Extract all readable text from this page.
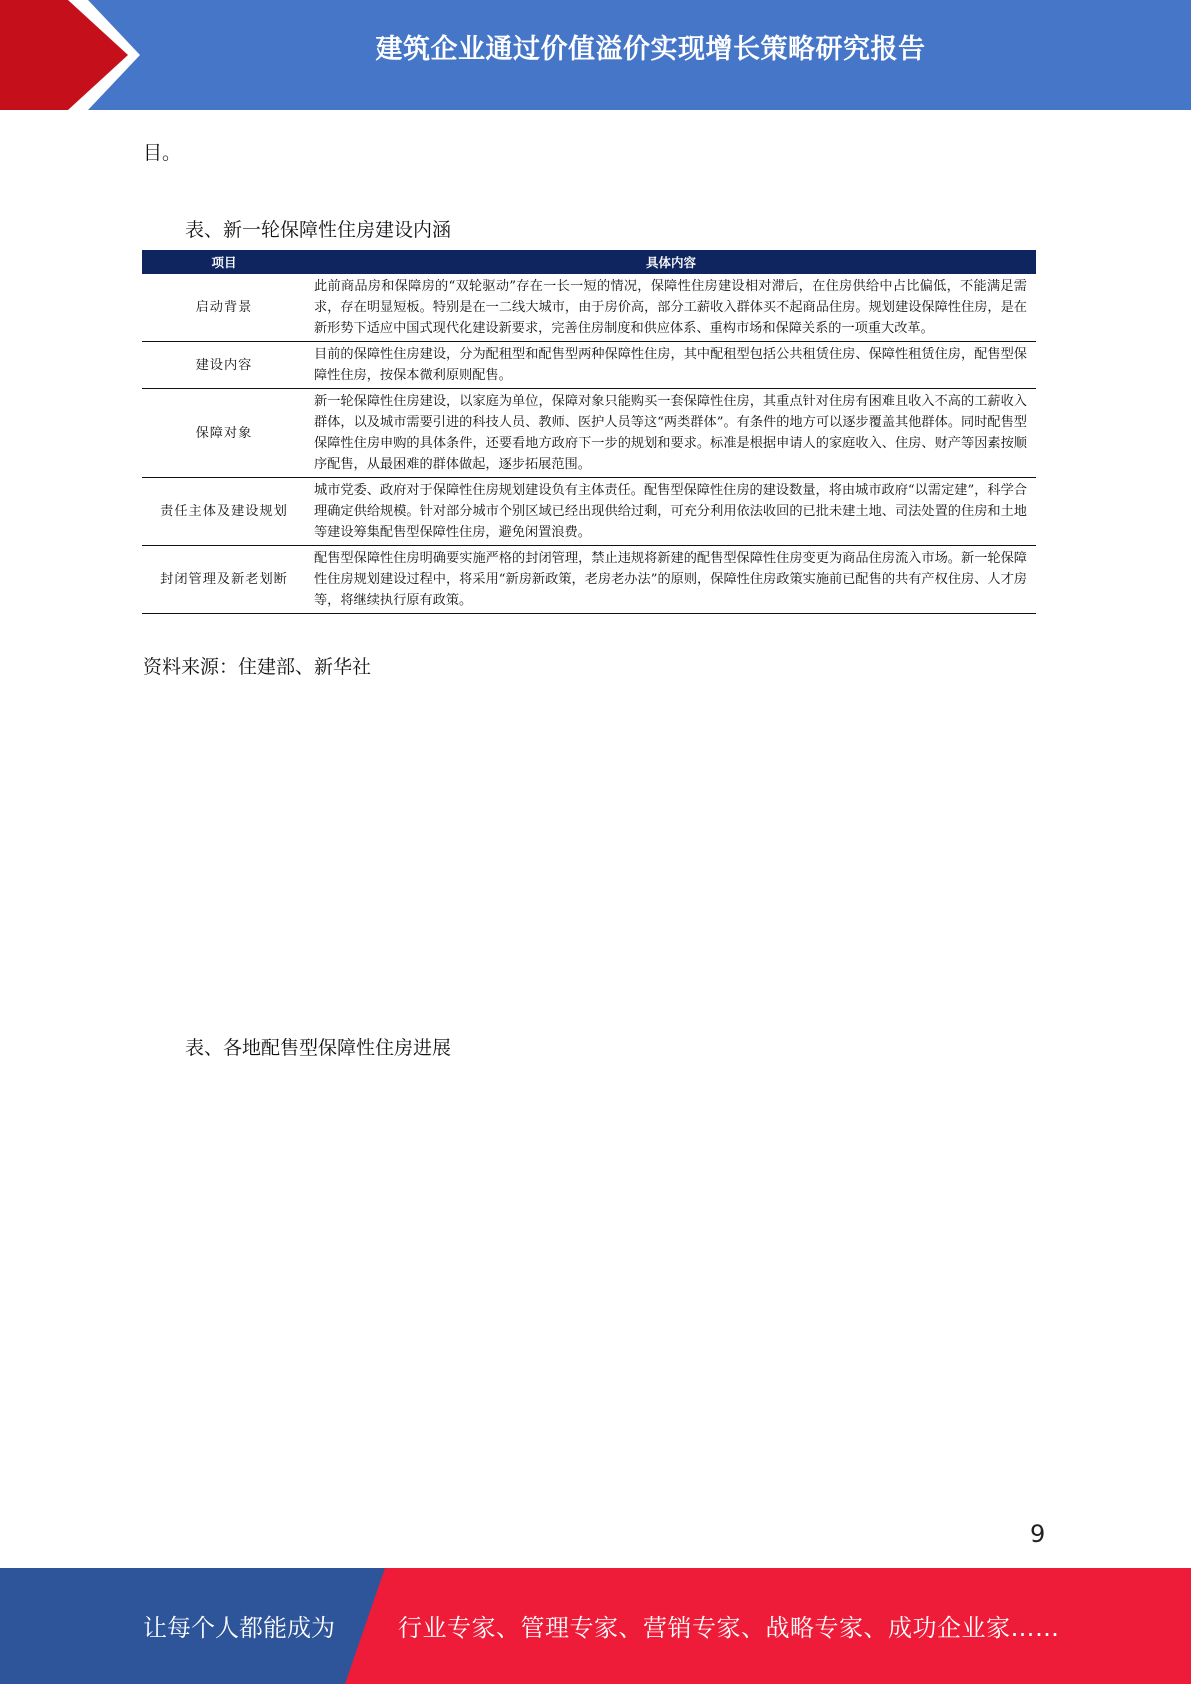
建筑企业通过价值溢价实现增长策略研究报告
目。
表、新一轮保障性住房建设内涵
项目	具体内容
启动背景	此前商品房和保障房的“双轮驱动”存在一长一短的情况，保障性住房建设相对滞后，在住房供给中占比偏低，不能满足需求，存在明显短板。特别是在一二线大城市，由于房价高，部分工薪收入群体买不起商品住房。规划建设保障性住房，是在新形势下适应中国式现代化建设新要求，完善住房制度和供应体系、重构市场和保障关系的一项重大改革。
建设内容	目前的保障性住房建设，分为配租型和配售型两种保障性住房，其中配租型包括公共租赁住房、保障性租赁住房，配售型保障性住房，按保本微利原则配售。
保障对象	新一轮保障性住房建设，以家庭为单位，保障对象只能购买一套保障性住房，其重点针对住房有困难且收入不高的工薪收入群体，以及城市需要引进的科技人员、教师、医护人员等这“两类群体”。有条件的地方可以逐步覆盖其他群体。同时配售型保障性住房申购的具体条件，还要看地方政府下一步的规划和要求。标准是根据申请人的家庭收入、住房、财产等因素按顺序配售，从最困难的群体做起，逐步拓展范围。
责任主体及建设规划	城市党委、政府对于保障性住房规划建设负有主体责任。配售型保障性住房的建设数量，将由城市政府“以需定建”，科学合理确定供给规模。针对部分城市个别区域已经出现供给过剩，可充分利用依法收回的已批未建土地、司法处置的住房和土地等建设筹集配售型保障性住房，避免闲置浪费。
封闭管理及新老划断	配售型保障性住房明确要实施严格的封闭管理，禁止违规将新建的配售型保障性住房变更为商品住房流入市场。新一轮保障性住房规划建设过程中，将采用“新房新政策，老房老办法”的原则，保障性住房政策实施前已配售的共有产权住房、人才房等，将继续执行原有政策。
资料来源：住建部、新华社
表、各地配售型保障性住房进展
9
让每个人都能成为	行业专家、管理专家、营销专家、战略专家、成功企业家……
